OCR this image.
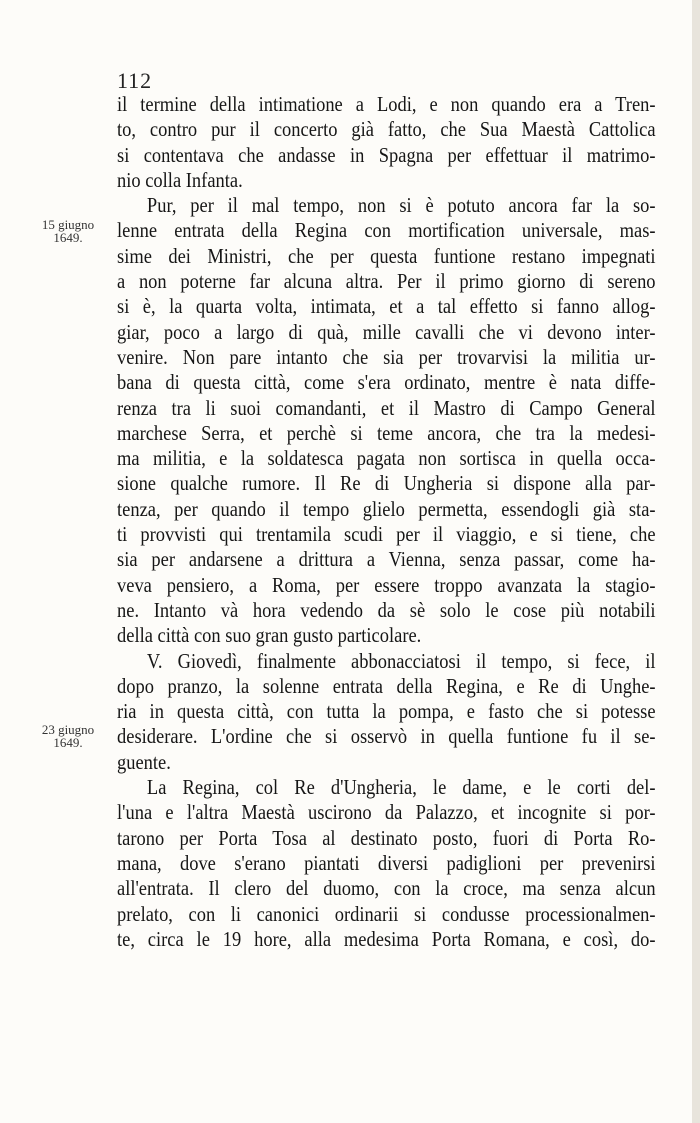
112
15 giugno
1649.
23 giugno
1649.
il termine della intimatione a Lodi, e non quando era a Tren-
to, contro pur il concerto già fatto, che Sua Maestà Cattolica
si contentava che andasse in Spagna per effettuar il matrimo-
nio colla Infanta.
Pur, per il mal tempo, non si è potuto ancora far la so-
lenne entrata della Regina con mortification universale, mas-
sime dei Ministri, che per questa funtione restano impegnati
a non poterne far alcuna altra. Per il primo giorno di sereno
si è, la quarta volta, intimata, et a tal effetto si fanno allog-
giar, poco a largo di quà, mille cavalli che vi devono inter-
venire. Non pare intanto che sia per trovarvisi la militia ur-
bana di questa città, come s'era ordinato, mentre è nata diffe-
renza tra li suoi comandanti, et il Mastro di Campo General
marchese Serra, et perchè si teme ancora, che tra la medesi-
ma militia, e la soldatesca pagata non sortisca in quella occa-
sione qualche rumore. Il Re di Ungheria si dispone alla par-
tenza, per quando il tempo glielo permetta, essendogli già sta-
ti provvisti qui trentamila scudi per il viaggio, e si tiene, che
sia per andarsene a drittura a Vienna, senza passar, come ha-
veva pensiero, a Roma, per essere troppo avanzata la stagio-
ne. Intanto và hora vedendo da sè solo le cose più notabili
della città con suo gran gusto particolare.
V. Giovedì, finalmente abbonacciatosi il tempo, si fece, il
dopo pranzo, la solenne entrata della Regina, e Re di Unghe-
ria in questa città, con tutta la pompa, e fasto che si potesse
desiderare. L'ordine che si osservò in quella funtione fu il se-
guente.
La Regina, col Re d'Ungheria, le dame, e le corti del-
l'una e l'altra Maestà uscirono da Palazzo, et incognite si por-
tarono per Porta Tosa al destinato posto, fuori di Porta Ro-
mana, dove s'erano piantati diversi padiglioni per prevenirsi
all'entrata. Il clero del duomo, con la croce, ma senza alcun
prelato, con li canonici ordinarii si condusse processionalmen-
te, circa le 19 hore, alla medesima Porta Romana, e così, do-
